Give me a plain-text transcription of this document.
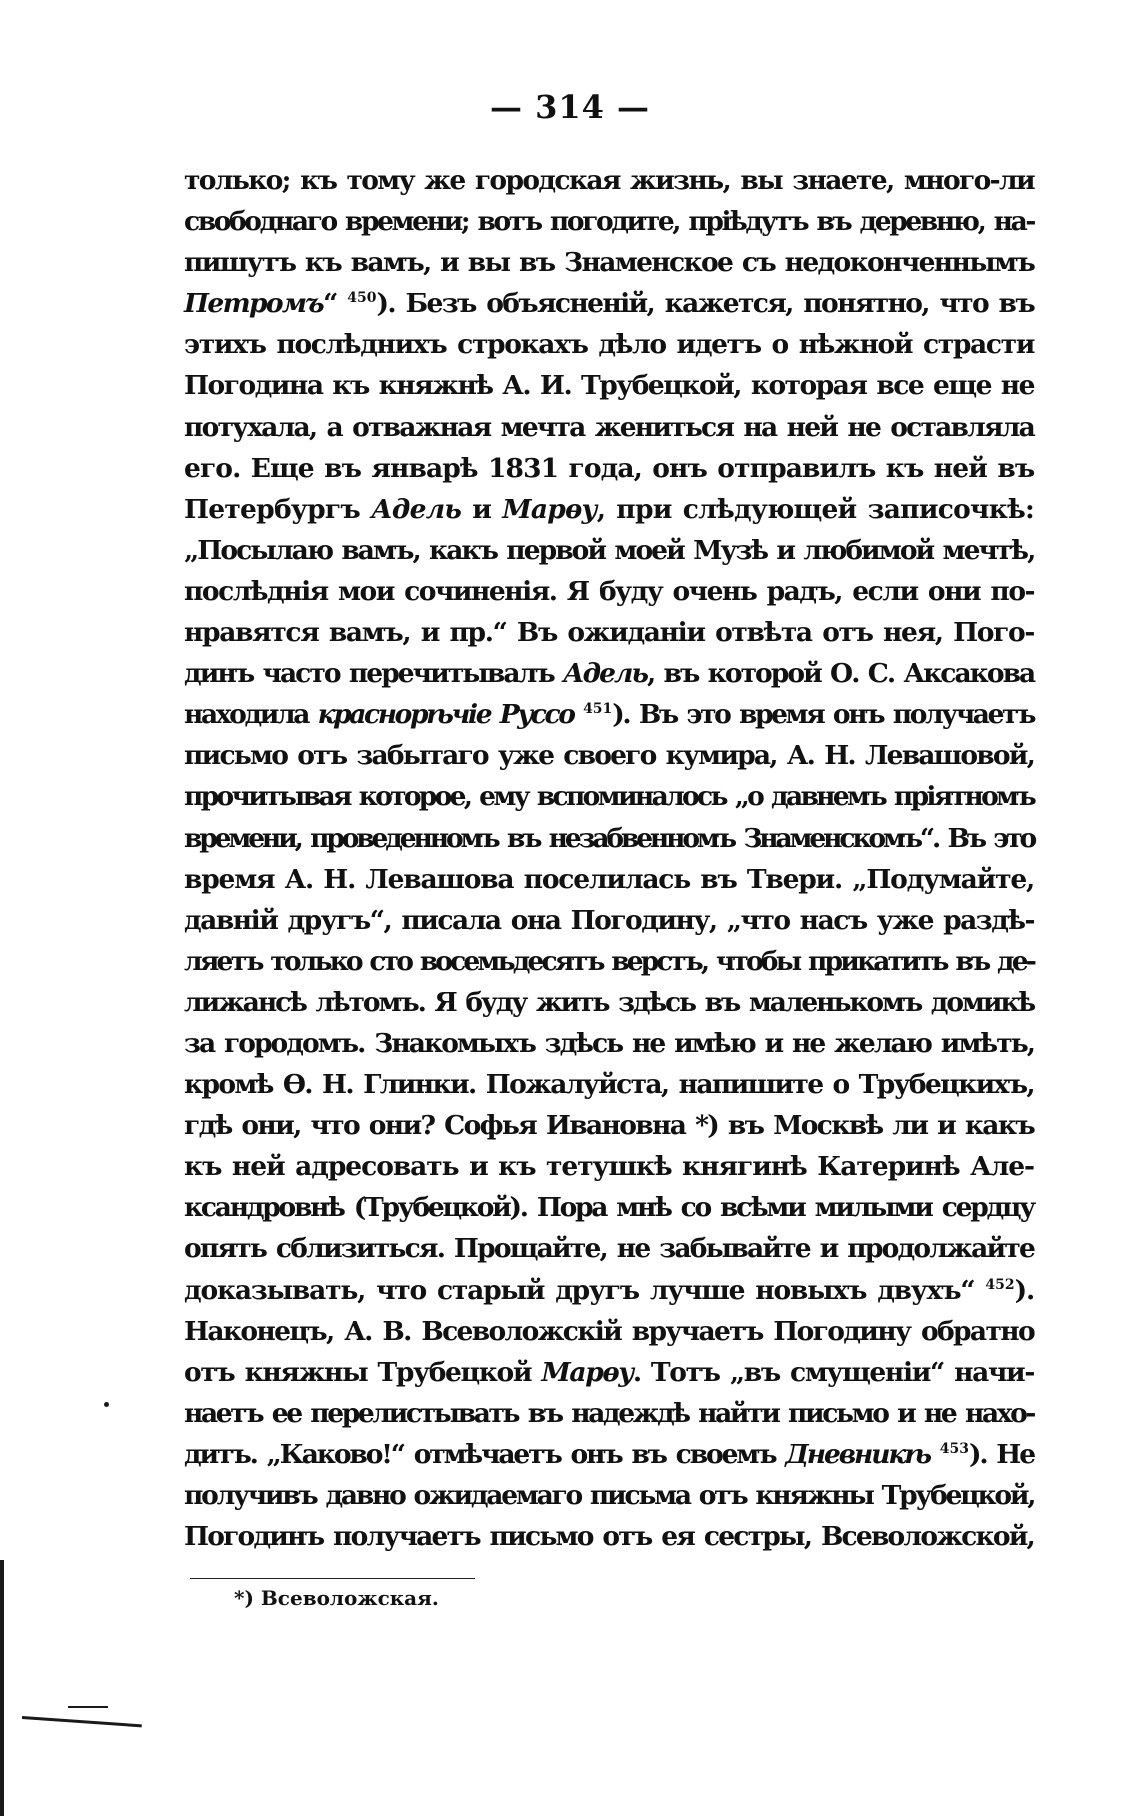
— 314 —
только; къ тому же городская жизнь, вы знаете, много-ли
свободнаго времени; вотъ погодите, пріѣдутъ въ деревню, на-
пишутъ къ вамъ, и вы въ Знаменское съ недоконченнымъ
Петромъ“ $^{450}$). Безъ объясненій, кажется, понятно, что въ
этихъ послѣднихъ строкахъ дѣло идетъ о нѣжной страсти
Погодина къ княжнѣ А. И. Трубецкой, которая все еще не
потухала, а отважная мечта жениться на ней не оставляла
его. Еще въ январѣ 1831 года, онъ отправилъ къ ней въ
Петербургъ Адель и Марѳу, при слѣдующей записочкѣ:
„Посылаю вамъ, какъ первой моей Музѣ и любимой мечтѣ,
послѣднія мои сочиненія. Я буду очень радъ, если они по-
нравятся вамъ, и пр.“ Въ ожиданіи отвѣта отъ нея, Пого-
динъ часто перечитывалъ Адель, въ которой О. С. Аксакова
находила краснорѣчіе Руссо $^{451}$). Въ это время онъ получаетъ
письмо отъ забытаго уже своего кумира, А. Н. Левашовой,
прочитывая которое, ему вспоминалось „о давнемъ пріятномъ
времени, проведенномъ въ незабвенномъ Знаменскомъ“. Въ это
время А. Н. Левашова поселилась въ Твери. „Подумайте,
давній другъ“, писала она Погодину, „что насъ уже раздѣ-
ляетъ только сто восемьдесятъ верстъ, чтобы прикатить въ де-
лижансѣ лѣтомъ. Я буду жить здѣсь въ маленькомъ домикѣ
за городомъ. Знакомыхъ здѣсь не имѣю и не желаю имѣть,
кромѣ Ѳ. Н. Глинки. Пожалуйста, напишите о Трубецкихъ,
гдѣ они, что они? Софья Ивановна *) въ Москвѣ ли и какъ
къ ней адресовать и къ тетушкѣ княгинѣ Катеринѣ Але-
ксандровнѣ (Трубецкой). Пора мнѣ со всѣми милыми сердцу
опять сблизиться. Прощайте, не забывайте и продолжайте
доказывать, что старый другъ лучше новыхъ двухъ“ $^{452}$).
Наконецъ, А. В. Всеволожскій вручаетъ Погодину обратно
отъ княжны Трубецкой Марѳу. Тотъ „въ смущеніи“ начи-
наетъ ее перелистывать въ надеждѣ найти письмо и не нахо-
дитъ. „Каково!“ отмѣчаетъ онъ въ своемъ Дневникѣ $^{453}$). Не
получивъ давно ожидаемаго письма отъ княжны Трубецкой,
Погодинъ получаетъ письмо отъ ея сестры, Всеволожской,
*) Всеволожская.
